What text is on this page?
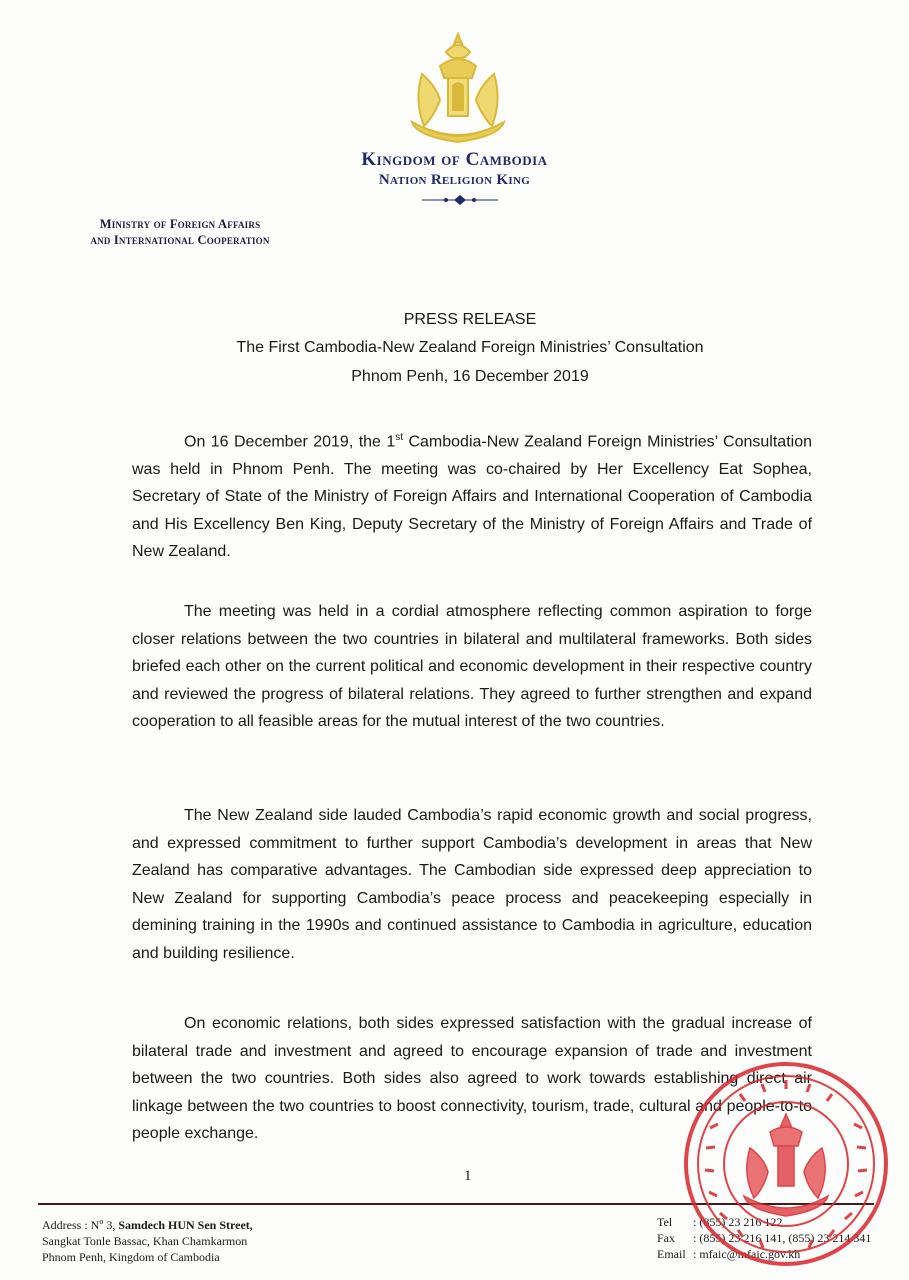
Kingdom of Cambodia
Nation Religion King
Ministry of Foreign Affairs
and International Cooperation
PRESS RELEASE
The First Cambodia-New Zealand Foreign Ministries’ Consultation
Phnom Penh, 16 December 2019

On 16 December 2019, the 1st Cambodia-New Zealand Foreign Ministries’ Consultation was held in Phnom Penh. The meeting was co-chaired by Her Excellency Eat Sophea, Secretary of State of the Ministry of Foreign Affairs and International Cooperation of Cambodia and His Excellency Ben King, Deputy Secretary of the Ministry of Foreign Affairs and Trade of New Zealand.

The meeting was held in a cordial atmosphere reflecting common aspiration to forge closer relations between the two countries in bilateral and multilateral frameworks. Both sides briefed each other on the current political and economic development in their respective country and reviewed the progress of bilateral relations. They agreed to further strengthen and expand cooperation to all feasible areas for the mutual interest of the two countries.

The New Zealand side lauded Cambodia’s rapid economic growth and social progress, and expressed commitment to further support Cambodia’s development in areas that New Zealand has comparative advantages. The Cambodian side expressed deep appreciation to New Zealand for supporting Cambodia’s peace process and peacekeeping especially in demining training in the 1990s and continued assistance to Cambodia in agriculture, education and building resilience.

On economic relations, both sides expressed satisfaction with the gradual increase of bilateral trade and investment and agreed to encourage expansion of trade and investment between the two countries. Both sides also agreed to work towards establishing direct air linkage between the two countries to boost connectivity, tourism, trade, cultural and people-to-to people exchange.

1
Address : $N^o$ 3, Samdech HUN Sen Street,
Sangkat Tonle Bassac, Khan Chamkarmon
Phnom Penh, Kingdom of Cambodia
Tel : (855) 23 216 122
Fax : (855) 23 216 141, (855) 23 214 341
Email : mfaic@mfaic.gov.kh
